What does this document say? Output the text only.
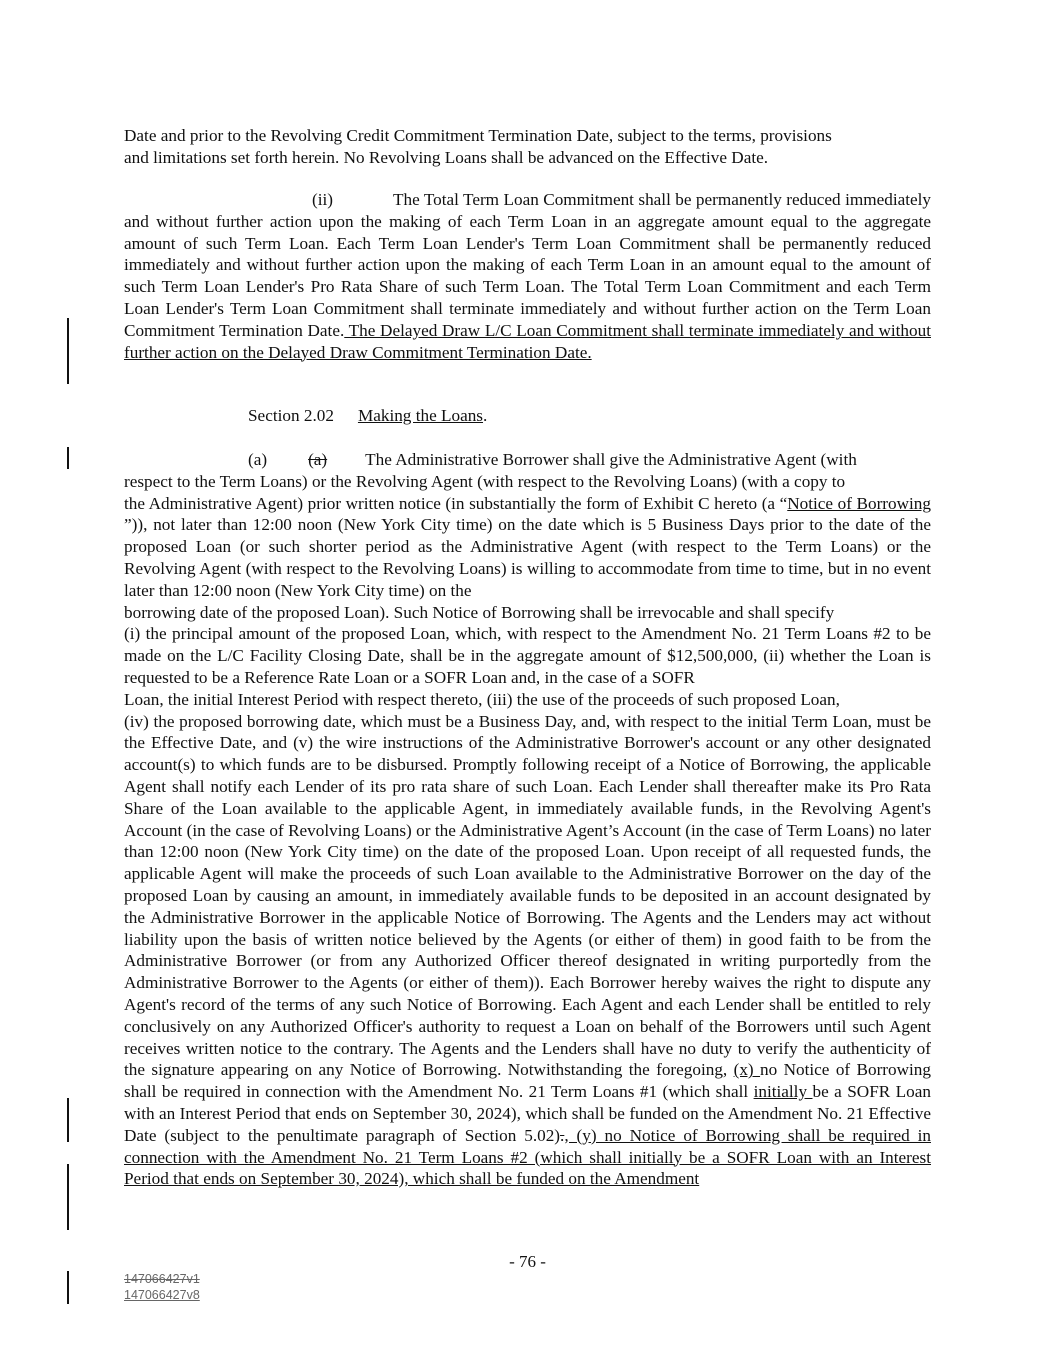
Date and prior to the Revolving Credit Commitment Termination Date, subject to the terms, provisions
and limitations set forth herein. No Revolving Loans shall be advanced on the Effective Date.
(ii)	The Total Term Loan Commitment shall be permanently reduced immediately and without further action upon the making of each Term Loan in an aggregate amount equal to the aggregate amount of such Term Loan. Each Term Loan Lender's Term Loan Commitment shall be permanently reduced immediately and without further action upon the making of each Term Loan in an amount equal to the amount of such Term Loan Lender's Pro Rata Share of such Term Loan. The Total Term Loan Commitment and each Term Loan Lender's Term Loan Commitment shall terminate immediately and without further action on the Term Loan Commitment Termination Date. The Delayed Draw L/C Loan Commitment shall terminate immediately and without further action on the Delayed Draw Commitment Termination Date.
Section 2.02 Making the Loans.
(a) (a) The Administrative Borrower shall give the Administrative Agent (with
respect to the Term Loans) or the Revolving Agent (with respect to the Revolving Loans) (with a copy to
the Administrative Agent) prior written notice (in substantially the form of Exhibit C hereto (a “Notice of Borrowing
”)), not later than 12:00 noon (New York City time) on the date which is 5 Business Days prior to the date of the proposed Loan (or such shorter period as the Administrative Agent (with respect to the Term Loans) or the Revolving Agent (with respect to the Revolving Loans) is willing to accommodate from time to time, but in no event later than 12:00 noon (New York City time) on the
borrowing date of the proposed Loan). Such Notice of Borrowing shall be irrevocable and shall specify
(i) the principal amount of the proposed Loan, which, with respect to the Amendment No. 21 Term Loans #2 to be made on the L/C Facility Closing Date, shall be in the aggregate amount of $12,500,000, (ii) whether the Loan is requested to be a Reference Rate Loan or a SOFR Loan and, in the case of a SOFR
Loan, the initial Interest Period with respect thereto, (iii) the use of the proceeds of such proposed Loan,
(iv) the proposed borrowing date, which must be a Business Day, and, with respect to the initial Term Loan, must be the Effective Date, and (v) the wire instructions of the Administrative Borrower's account or any other designated account(s) to which funds are to be disbursed. Promptly following receipt of a Notice of Borrowing, the applicable Agent shall notify each Lender of its pro rata share of such Loan. Each Lender shall thereafter make its Pro Rata Share of the Loan available to the applicable Agent, in immediately available funds, in the Revolving Agent's Account (in the case of Revolving Loans) or the Administrative Agent’s Account (in the case of Term Loans) no later than 12:00 noon (New York City time) on the date of the proposed Loan. Upon receipt of all requested funds, the applicable Agent will make the proceeds of such Loan available to the Administrative Borrower on the day of the proposed Loan by causing an amount, in immediately available funds to be deposited in an account designated by the Administrative Borrower in the applicable Notice of Borrowing. The Agents and the Lenders may act without liability upon the basis of written notice believed by the Agents (or either of them) in good faith to be from the Administrative Borrower (or from any Authorized Officer thereof designated in writing purportedly from the Administrative Borrower to the Agents (or either of them)). Each Borrower hereby waives the right to dispute any Agent's record of the terms of any such Notice of Borrowing. Each Agent and each Lender shall be entitled to rely conclusively on any Authorized Officer's authority to request a Loan on behalf of the Borrowers until such Agent receives written notice to the contrary. The Agents and the Lenders shall have no duty to verify the authenticity of the signature appearing on any Notice of Borrowing. Notwithstanding the foregoing, (x) no Notice of Borrowing shall be required in connection with the Amendment No. 21 Term Loans #1 (which shall initially be a SOFR Loan with an Interest Period that ends on September 30, 2024), which shall be funded on the Amendment No. 21 Effective Date (subject to the penultimate paragraph of Section 5.02)., (y) no Notice of Borrowing shall be required in connection with the Amendment No. 21 Term Loans #2 (which shall initially be a SOFR Loan with an Interest Period that ends on September 30, 2024), which shall be funded on the Amendment
- 76 -
147066427v1
147066427v8
